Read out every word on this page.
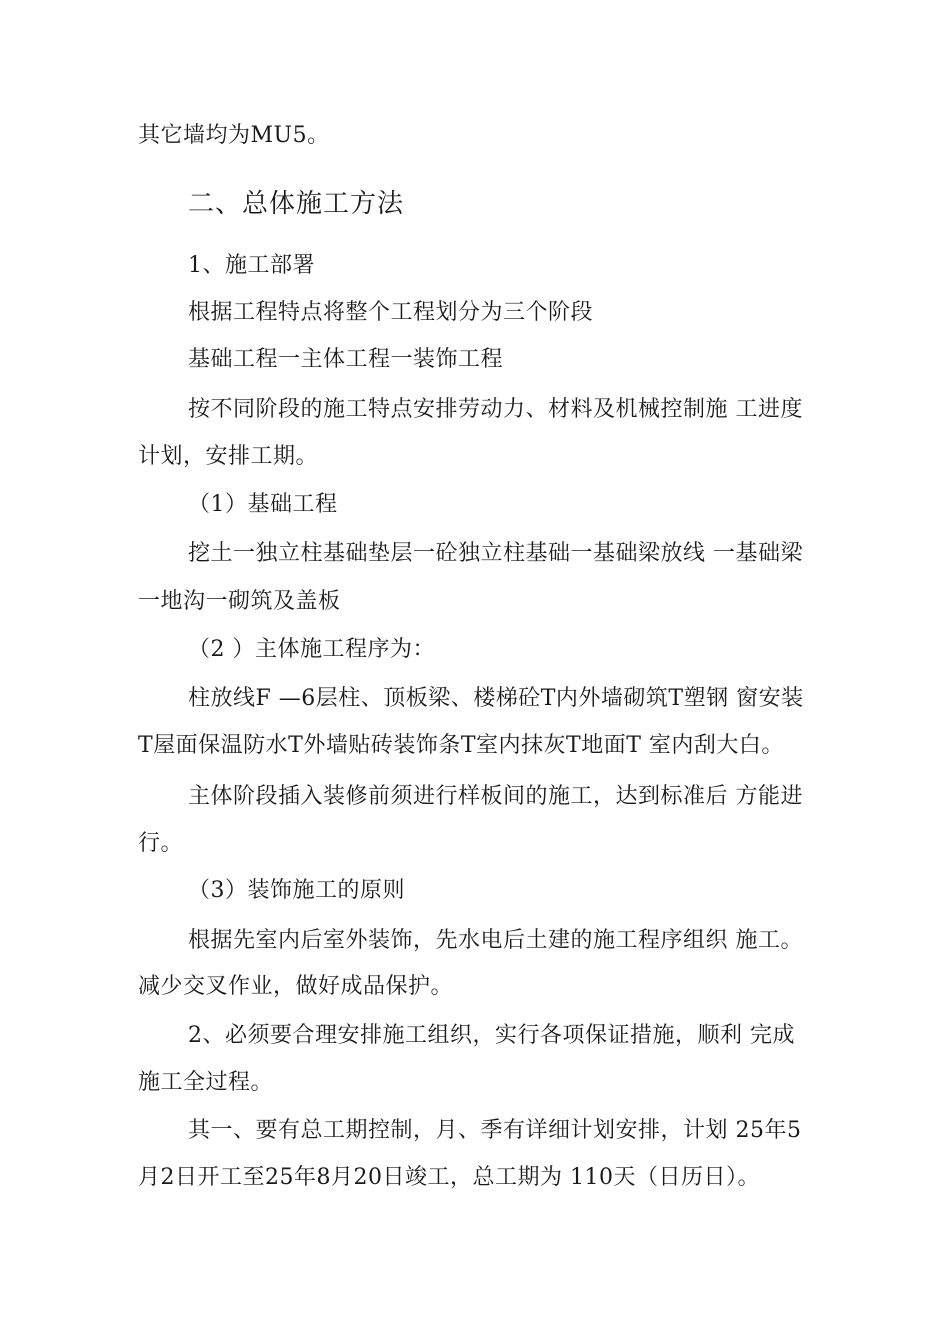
其它墙均为MU5。
二、总体施工方法
1、施工部署
根据工程特点将整个工程划分为三个阶段
基础工程一主体工程一装饰工程
按不同阶段的施工特点安排劳动力、材料及机械控制施 工进度
计划，安排工期。
（1）基础工程
挖土一独立柱基础垫层一砼独立柱基础一基础梁放线 一基础梁
一地沟一砌筑及盖板
（2 ）主体施工程序为：
柱放线F —6层柱、顶板梁、楼梯砼T内外墙砌筑T塑钢 窗安装
T屋面保温防水T外墙贴砖装饰条T室内抹灰T地面T 室内刮大白。
主体阶段插入装修前须进行样板间的施工，达到标准后 方能进
行。
（3）装饰施工的原则
根据先室内后室外装饰，先水电后土建的施工程序组织 施工。
减少交叉作业，做好成品保护。
2、必须要合理安排施工组织，实行各项保证措施，顺利 完成
施工全过程。
其一、要有总工期控制，月、季有详细计划安排，计划 25年5
月2日开工至25年8月20日竣工，总工期为 110天（日历日）。
